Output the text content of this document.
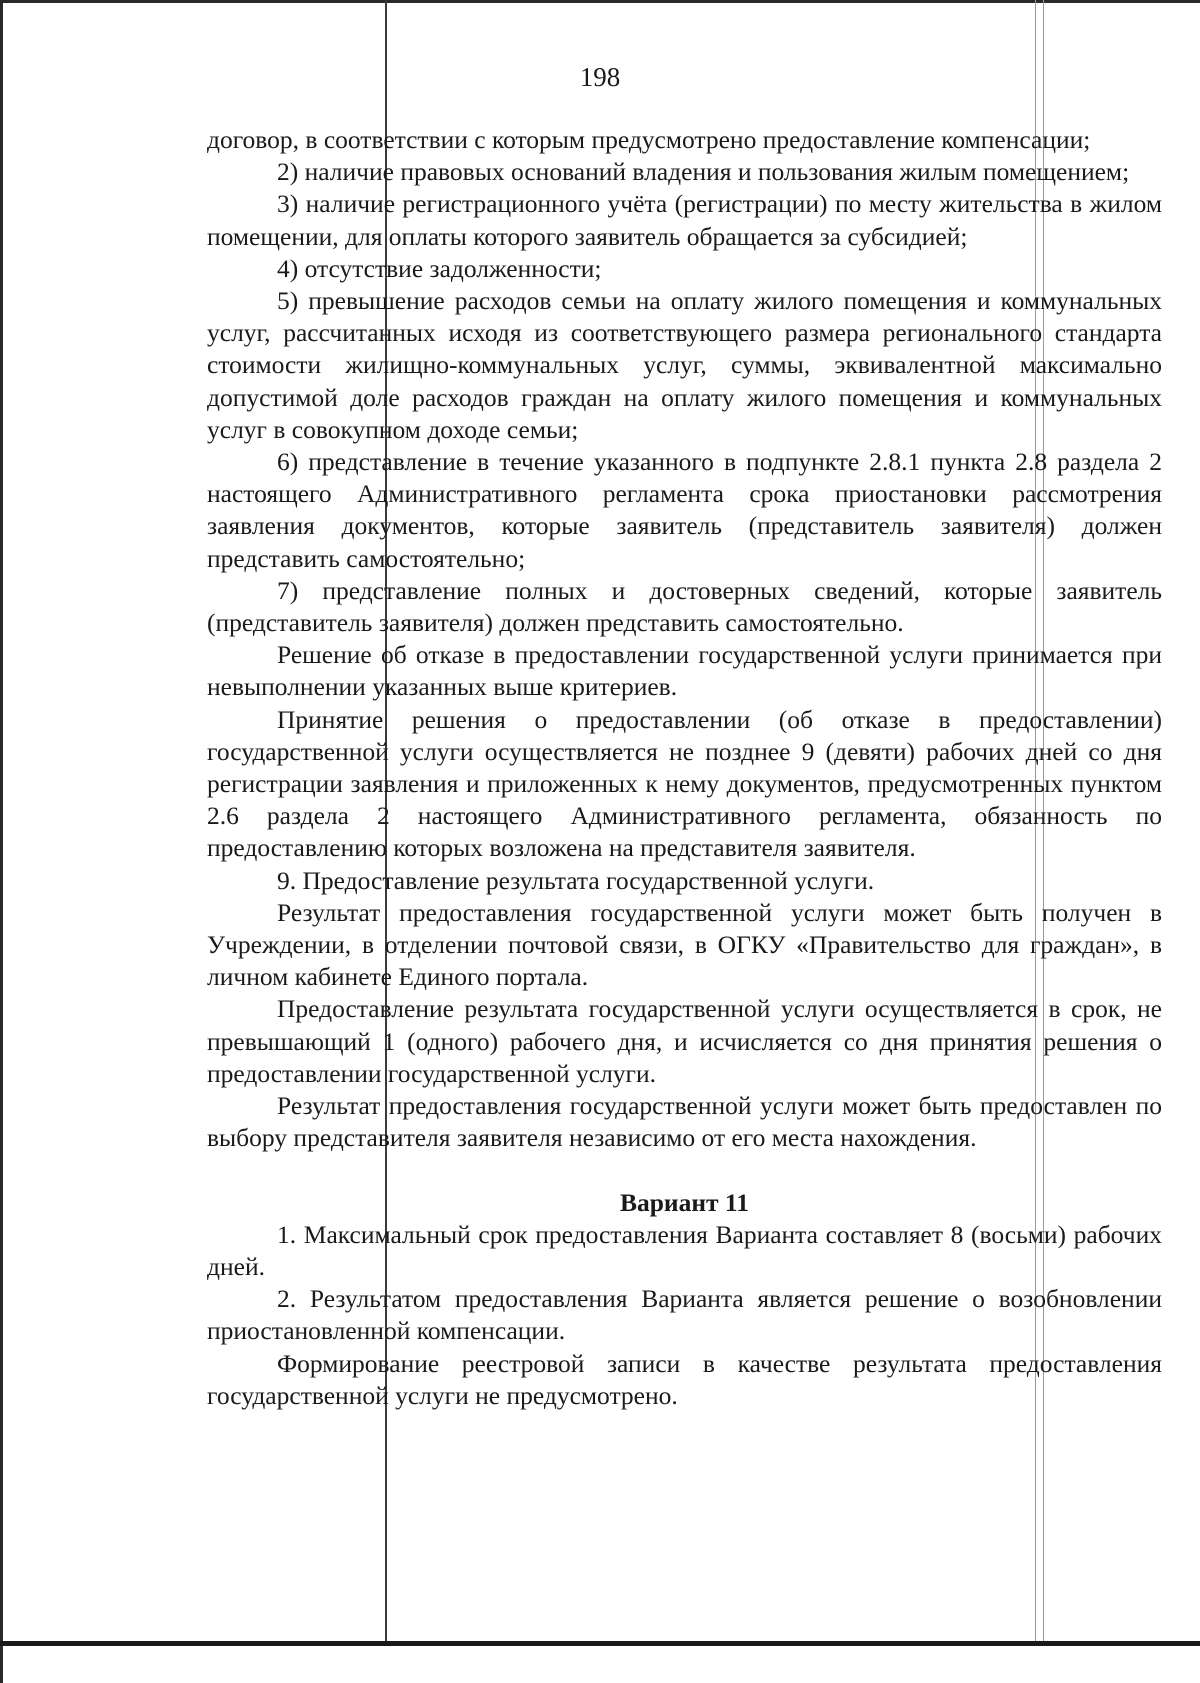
198

договор, в соответствии с которым предусмотрено предоставление компенсации;

2) наличие правовых оснований владения и пользования жилым помещением;

3) наличие регистрационного учёта (регистрации) по месту жительства в жилом помещении, для оплаты которого заявитель обращается за субсидией;

4) отсутствие задолженности;

5) превышение расходов семьи на оплату жилого помещения и коммунальных услуг, рассчитанных исходя из соответствующего размера регионального стандарта стоимости жилищно-коммунальных услуг, суммы, эквивалентной максимально допустимой доле расходов граждан на оплату жилого помещения и коммунальных услуг в совокупном доходе семьи;

6) представление в течение указанного в подпункте 2.8.1 пункта 2.8 раздела 2 настоящего Административного регламента срока приостановки рассмотрения заявления документов, которые заявитель (представитель заявителя) должен представить самостоятельно;

7) представление полных и достоверных сведений, которые заявитель (представитель заявителя) должен представить самостоятельно.

Решение об отказе в предоставлении государственной услуги принимается при невыполнении указанных выше критериев.

Принятие решения о предоставлении (об отказе в предоставлении) государственной услуги осуществляется не позднее 9 (девяти) рабочих дней со дня регистрации заявления и приложенных к нему документов, предусмотренных пунктом 2.6 раздела 2 настоящего Административного регламента, обязанность по предоставлению которых возложена на представителя заявителя.

9. Предоставление результата государственной услуги.

Результат предоставления государственной услуги может быть получен в Учреждении, в отделении почтовой связи, в ОГКУ «Правительство для граждан», в личном кабинете Единого портала.

Предоставление результата государственной услуги осуществляется в срок, не превышающий 1 (одного) рабочего дня, и исчисляется со дня принятия решения о предоставлении государственной услуги.

Результат предоставления государственной услуги может быть предоставлен по выбору представителя заявителя независимо от его места нахождения.

Вариант 11

1. Максимальный срок предоставления Варианта составляет 8 (восьми) рабочих дней.

2. Результатом предоставления Варианта является решение о возобновлении приостановленной компенсации.

Формирование реестровой записи в качестве результата предоставления государственной услуги не предусмотрено.
